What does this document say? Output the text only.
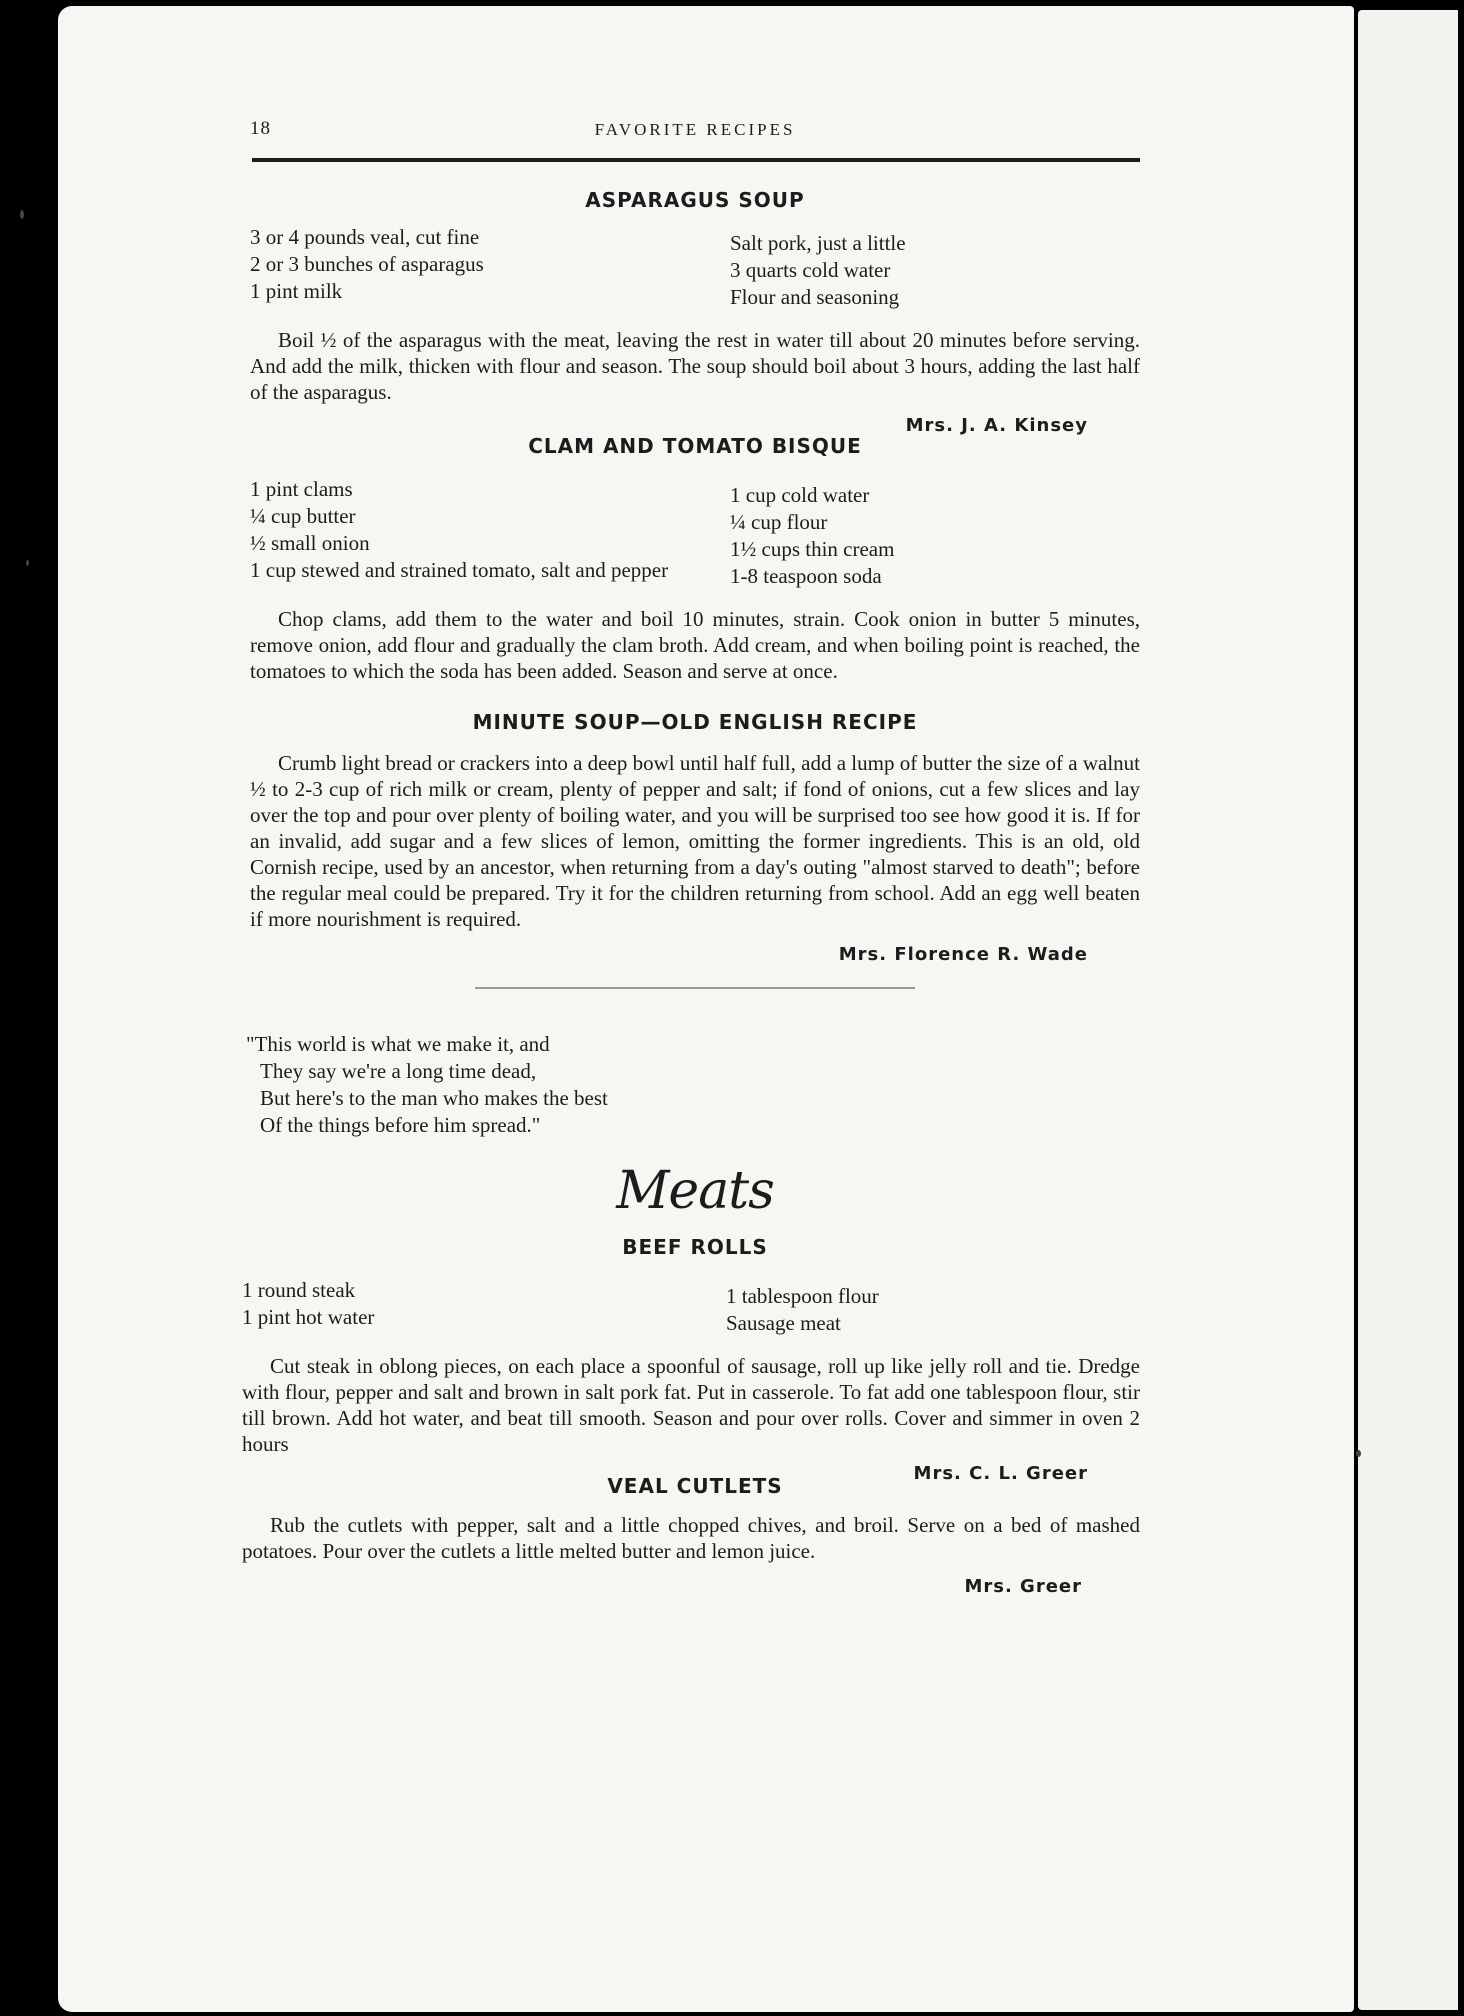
18	FAVORITE RECIPES
ASPARAGUS SOUP
3 or 4 pounds veal, cut fine
2 or 3 bunches of asparagus
1 pint milk
Salt pork, just a little
3 quarts cold water
Flour and seasoning

Boil ½ of the asparagus with the meat, leaving the rest in water till about 20 minutes before serving. And add the milk, thicken with flour and season. The soup should boil about 3 hours, adding the last half of the asparagus.

Mrs. J. A. Kinsey
CLAM AND TOMATO BISQUE
1 pint clams
¼ cup butter
½ small onion
1 cup stewed and strained tomato, salt and pepper
1 cup cold water
¼ cup flour
1½ cups thin cream
1-8 teaspoon soda

Chop clams, add them to the water and boil 10 minutes, strain. Cook onion in butter 5 minutes, remove onion, add flour and gradually the clam broth. Add cream, and when boiling point is reached, the tomatoes to which the soda has been added. Season and serve at once.

MINUTE SOUP—OLD ENGLISH RECIPE

Crumb light bread or crackers into a deep bowl until half full, add a lump of butter the size of a walnut ½ to 2-3 cup of rich milk or cream, plenty of pepper and salt; if fond of onions, cut a few slices and lay over the top and pour over plenty of boiling water, and you will be surprised too see how good it is. If for an invalid, add sugar and a few slices of lemon, omitting the former ingredients. This is an old, old Cornish recipe, used by an ancestor, when returning from a day's outing "almost starved to death"; before the regular meal could be prepared. Try it for the children returning from school. Add an egg well beaten if more nourishment is required.

Mrs. Florence R. Wade
"This world is what we make it, and
They say we're a long time dead,
But here's to the man who makes the best
Of the things before him spread."
Meats
BEEF ROLLS
1 round steak
1 pint hot water
1 tablespoon flour
Sausage meat

Cut steak in oblong pieces, on each place a spoonful of sausage, roll up like jelly roll and tie. Dredge with flour, pepper and salt and brown in salt pork fat. Put in casserole. To fat add one tablespoon flour, stir till brown. Add hot water, and beat till smooth. Season and pour over rolls. Cover and simmer in oven 2 hours

Mrs. C. L. Greer
VEAL CUTLETS

Rub the cutlets with pepper, salt and a little chopped chives, and broil. Serve on a bed of mashed potatoes. Pour over the cutlets a little melted butter and lemon juice.

Mrs. Greer
